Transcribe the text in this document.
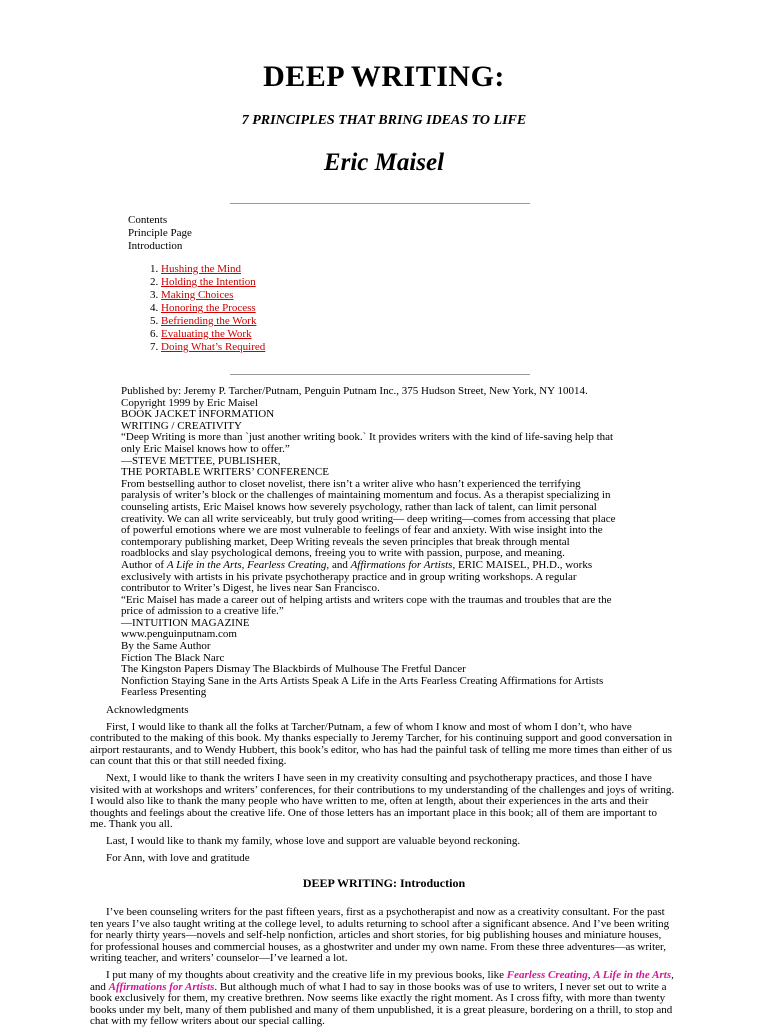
DEEP WRITING:
7 PRINCIPLES THAT BRING IDEAS TO LIFE
Eric Maisel
Contents
Principle Page
Introduction
1. Hushing the Mind
2. Holding the Intention
3. Making Choices
4. Honoring the Process
5. Befriending the Work
6. Evaluating the Work
7. Doing What’s Required
Published by: Jeremy P. Tarcher/Putnam, Penguin Putnam Inc., 375 Hudson Street, New York, NY 10014.
Copyright 1999 by Eric Maisel
BOOK JACKET INFORMATION
WRITING / CREATIVITY
“Deep Writing is more than `just another writing book.` It provides writers with the kind of life-saving help that
only Eric Maisel knows how to offer.”
—STEVE METTEE, PUBLISHER,
THE PORTABLE WRITERS’ CONFERENCE
From bestselling author to closet novelist, there isn’t a writer alive who hasn’t experienced the terrifying
paralysis of writer’s block or the challenges of maintaining momentum and focus. As a therapist specializing in
counseling artists, Eric Maisel knows how severely psychology, rather than lack of talent, can limit personal
creativity. We can all write serviceably, but truly good writing— deep writing—comes from accessing that place
of powerful emotions where we are most vulnerable to feelings of fear and anxiety. With wise insight into the
contemporary publishing market, Deep Writing reveals the seven principles that break through mental
roadblocks and slay psychological demons, freeing you to write with passion, purpose, and meaning.
Author of A Life in the Arts, Fearless Creating, and Affirmations for Artists, ERIC MAISEL, PH.D., works
exclusively with artists in his private psychotherapy practice and in group writing workshops. A regular
contributor to Writer’s Digest, he lives near San Francisco.
“Eric Maisel has made a career out of helping artists and writers cope with the traumas and troubles that are the
price of admission to a creative life.”
—INTUITION MAGAZINE
www.penguinputnam.com
By the Same Author
Fiction The Black Narc
The Kingston Papers Dismay The Blackbirds of Mulhouse The Fretful Dancer
Nonfiction Staying Sane in the Arts Artists Speak A Life in the Arts Fearless Creating Affirmations for Artists
Fearless Presenting
Acknowledgments

First, I would like to thank all the folks at Tarcher/Putnam, a few of whom I know and most of whom I don’t, who have contributed to the making of this book. My thanks especially to Jeremy Tarcher, for his continuing support and good conversation in airport restaurants, and to Wendy Hubbert, this book’s editor, who has had the painful task of telling me more times than either of us can count that this or that still needed fixing.

Next, I would like to thank the writers I have seen in my creativity consulting and psychotherapy practices, and those I have visited with at workshops and writers’ conferences, for their contributions to my understanding of the challenges and joys of writing. I would also like to thank the many people who have written to me, often at length, about their experiences in the arts and their thoughts and feelings about the creative life. One of those letters has an important place in this book; all of them are important to me. Thank you all.

Last, I would like to thank my family, whose love and support are valuable beyond reckoning.

For Ann, with love and gratitude

DEEP WRITING: Introduction

I’ve been counseling writers for the past fifteen years, first as a psychotherapist and now as a creativity consultant. For the past ten years I’ve also taught writing at the college level, to adults returning to school after a significant absence. And I’ve been writing for nearly thirty years—novels and self-help nonfiction, articles and short stories, for big publishing houses and miniature houses, for professional houses and commercial houses, as a ghostwriter and under my own name. From these three adventures—as writer, writing teacher, and writers’ counselor—I’ve learned a lot.

I put many of my thoughts about creativity and the creative life in my previous books, like Fearless Creating, A Life in the Arts, and Affirmations for Artists. But although much of what I had to say in those books was of use to writers, I never set out to write a book exclusively for them, my creative brethren. Now seems like exactly the right moment. As I cross fifty, with more than twenty books under my belt, many of them published and many of them unpublished, it is a great pleasure, bordering on a thrill, to stop and chat with my fellow writers about our special calling.
